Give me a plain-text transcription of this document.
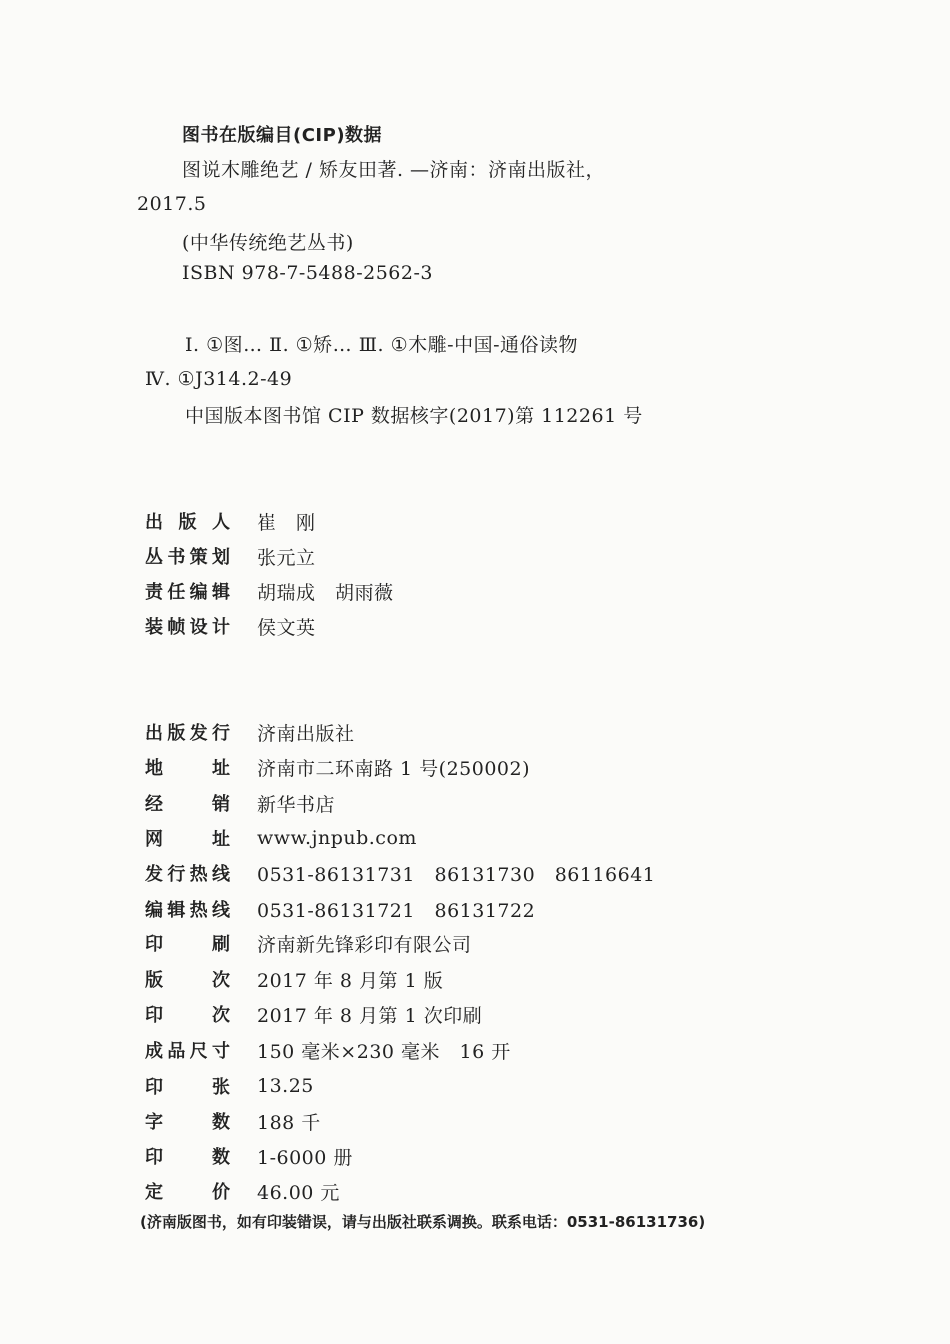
图书在版编目(CIP)数据
图说木雕绝艺 / 矫友田著. —济南：济南出版社，
2017.5
(中华传统绝艺丛书)
ISBN 978-7-5488-2562-3
Ⅰ. ①图… Ⅱ. ①矫… Ⅲ. ①木雕-中国-通俗读物
Ⅳ. ①J314.2-49
中国版本图书馆 CIP 数据核字(2017)第 112261 号
出 版 人 崔　刚
丛 书 策 划 张元立
责 任 编 辑 胡瑞成　胡雨薇
装 帧 设 计 侯文英
出 版 发 行 济南出版社
地	址 济南市二环南路 1 号(250002)
经	销 新华书店
网	址 www.jnpub.com
发 行 热 线 0531-86131731　86131730　86116641
编 辑 热 线 0531-86131721　86131722
印	刷 济南新先锋彩印有限公司
版	次 2017 年 8 月第 1 版
印	次 2017 年 8 月第 1 次印刷
成 品 尺 寸 150 毫米×230 毫米　16 开
印	张 13.25
字	数 188 千
印	数 1-6000 册
定	价 46.00 元
(济南版图书，如有印装错误，请与出版社联系调换。联系电话：0531-86131736)
